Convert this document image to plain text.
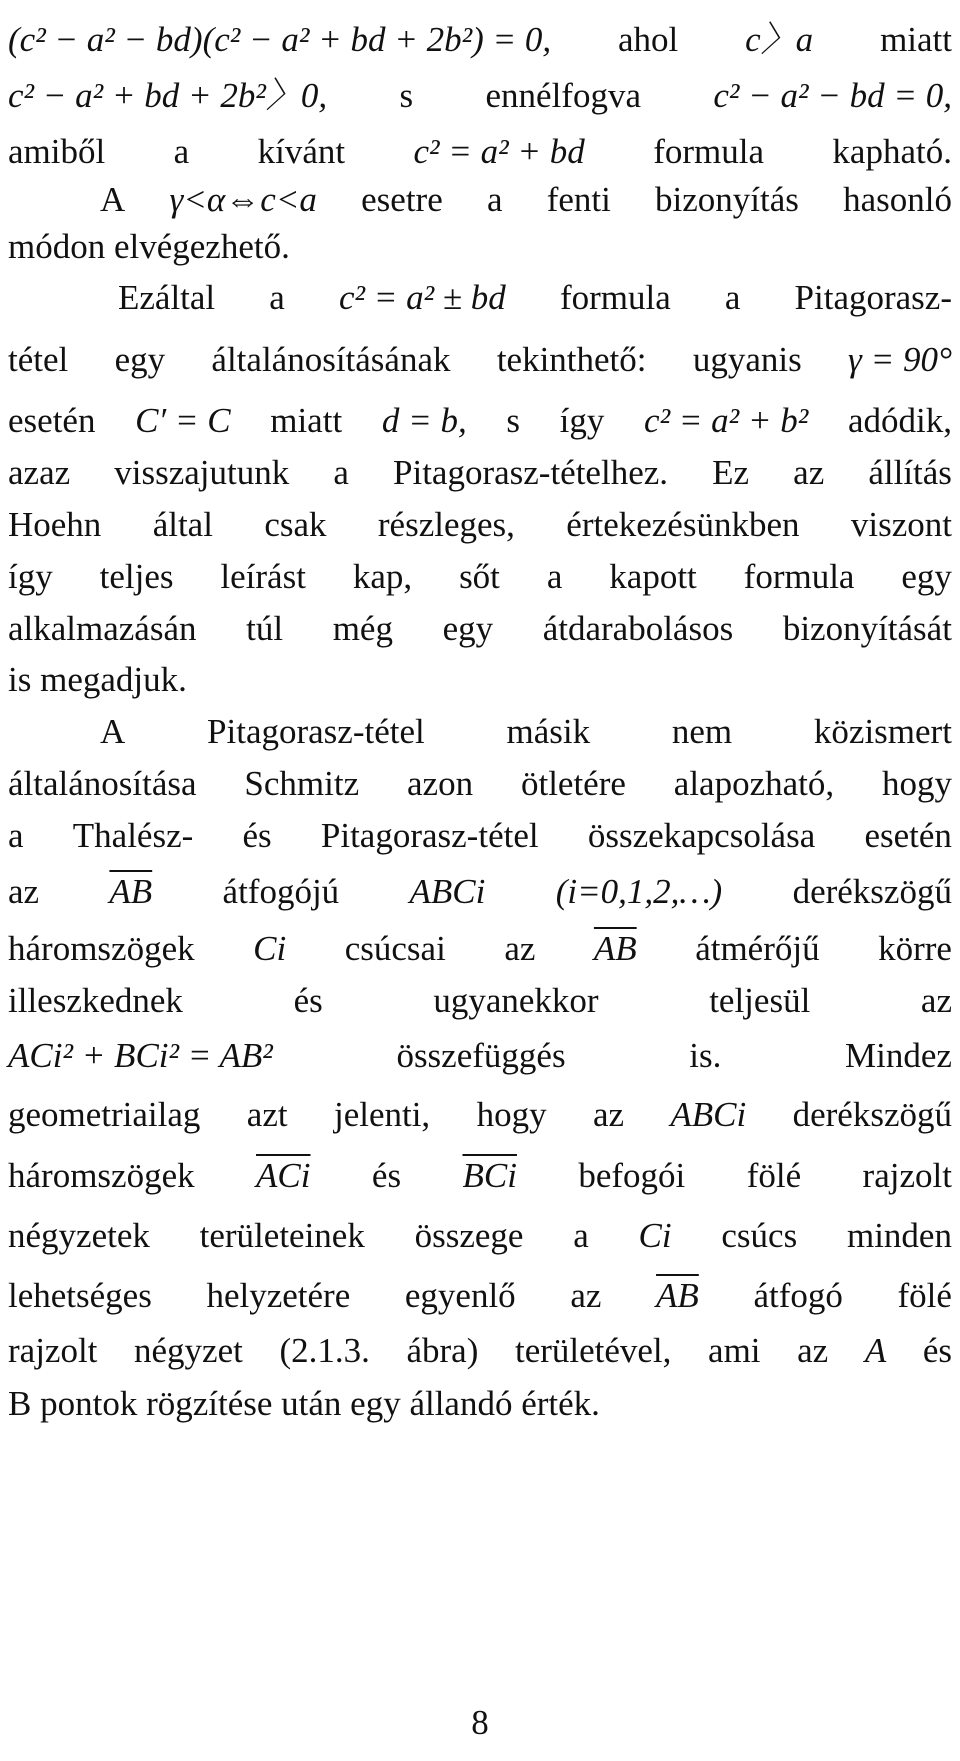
(c² − a² − bd)(c² − a² + bd + 2b²) = 0, ahol c〉a miatt
c² − a² + bd + 2b²〉0, s ennélfogva c² − a² − bd = 0,
amiből a kívánt c² = a² + bd formula kapható.
A γ<α⇔c<a esetre a fenti bizonyítás hasonló
módon elvégezhető.
Ezáltal a c² = a² ± bd formula a Pitagorasz-
tétel egy általánosításának tekinthető: ugyanis γ = 90°
esetén C′ = C miatt d = b, s így c² = a² + b² adódik,
azaz visszajutunk a Pitagorasz-tételhez. Ez az állítás
Hoehn által csak részleges, értekezésünkben viszont
így teljes leírást kap, sőt a kapott formula egy
alkalmazásán túl még egy átdarabolásos bizonyítását
is megadjuk.
A Pitagorasz-tétel másik nem közismert
általánosítása Schmitz azon ötletére alapozható, hogy
a Thalész- és Pitagorasz-tétel összekapcsolása esetén
az $\overline{AB}$ átfogójú ABCi (i=0,1,2,…) derékszögű
háromszögek Ci csúcsai az $\overline{AB}$ átmérőjű körre
illeszkednek	és	ugyanekkor	teljesül	az
ACi² + BCi² = AB²	összefüggés	is.	Mindez
geometriailag azt jelenti, hogy az ABCi derékszögű
háromszögek $\overline{ACi}$ és $\overline{BCi}$ befogói fölé rajzolt
négyzetek területeinek összege a Ci csúcs minden
lehetséges helyzetére egyenlő az $\overline{AB}$ átfogó fölé
rajzolt négyzet (2.1.3. ábra) területével, ami az A és
B pontok rögzítése után egy állandó érték.
8
